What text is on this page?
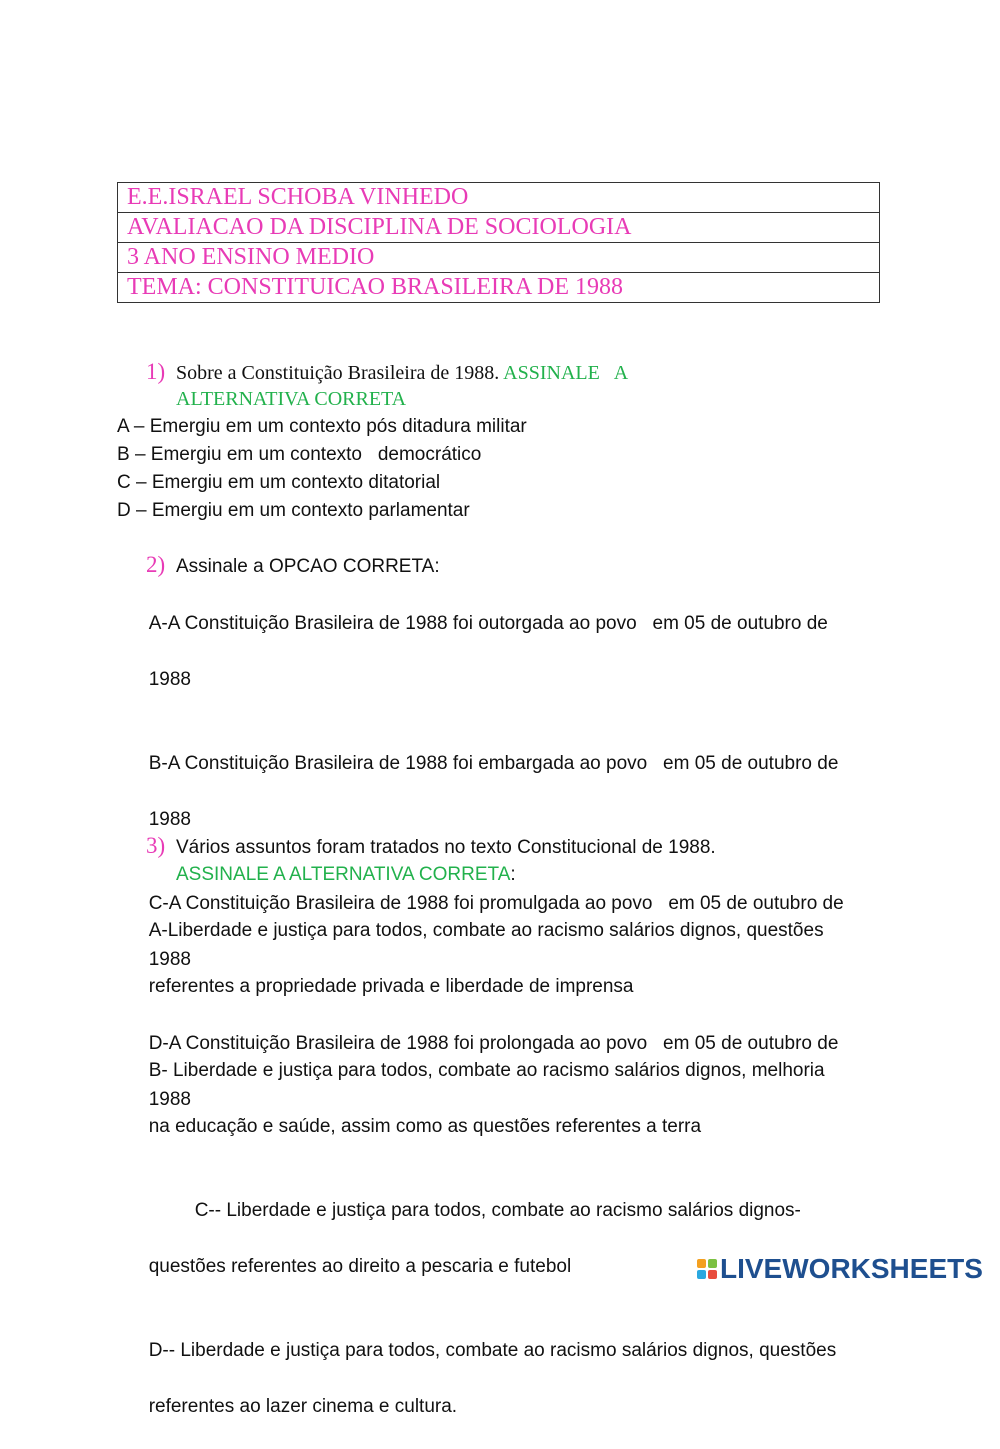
E.E.ISRAEL SCHOBA VINHEDO
AVALIACAO DA DISCIPLINA DE SOCIOLOGIA
3 ANO ENSINO MEDIO
TEMA: CONSTITUICAO BRASILEIRA DE 1988
1) Sobre a Constituição Brasileira de 1988. ASSINALE   A
ALTERNATIVA CORRETA
A – Emergiu em um contexto pós ditadura militar
B – Emergiu em um contexto   democrático
C – Emergiu em um contexto ditatorial
D – Emergiu em um contexto parlamentar
2) Assinale a OPCAO CORRETA:

A-A Constituição Brasileira de 1988 foi outorgada ao povo   em 05 de outubro de

1988

B-A Constituição Brasileira de 1988 foi embargada ao povo   em 05 de outubro de

1988

C-A Constituição Brasileira de 1988 foi promulgada ao povo   em 05 de outubro de

1988

D-A Constituição Brasileira de 1988 foi prolongada ao povo   em 05 de outubro de

1988

3) Vários assuntos foram tratados no texto Constitucional de 1988.
ASSINALE A ALTERNATIVA CORRETA:

A-Liberdade e justiça para todos, combate ao racismo salários dignos, questões

referentes a propriedade privada e liberdade de imprensa

B- Liberdade e justiça para todos, combate ao racismo salários dignos, melhoria

na educação e saúde, assim como as questões referentes a terra

C-- Liberdade e justiça para todos, combate ao racismo salários dignos-

questões referentes ao direito a pescaria e futebol

D-- Liberdade e justiça para todos, combate ao racismo salários dignos, questões

referentes ao lazer cinema e cultura.

LIVEWORKSHEETS
